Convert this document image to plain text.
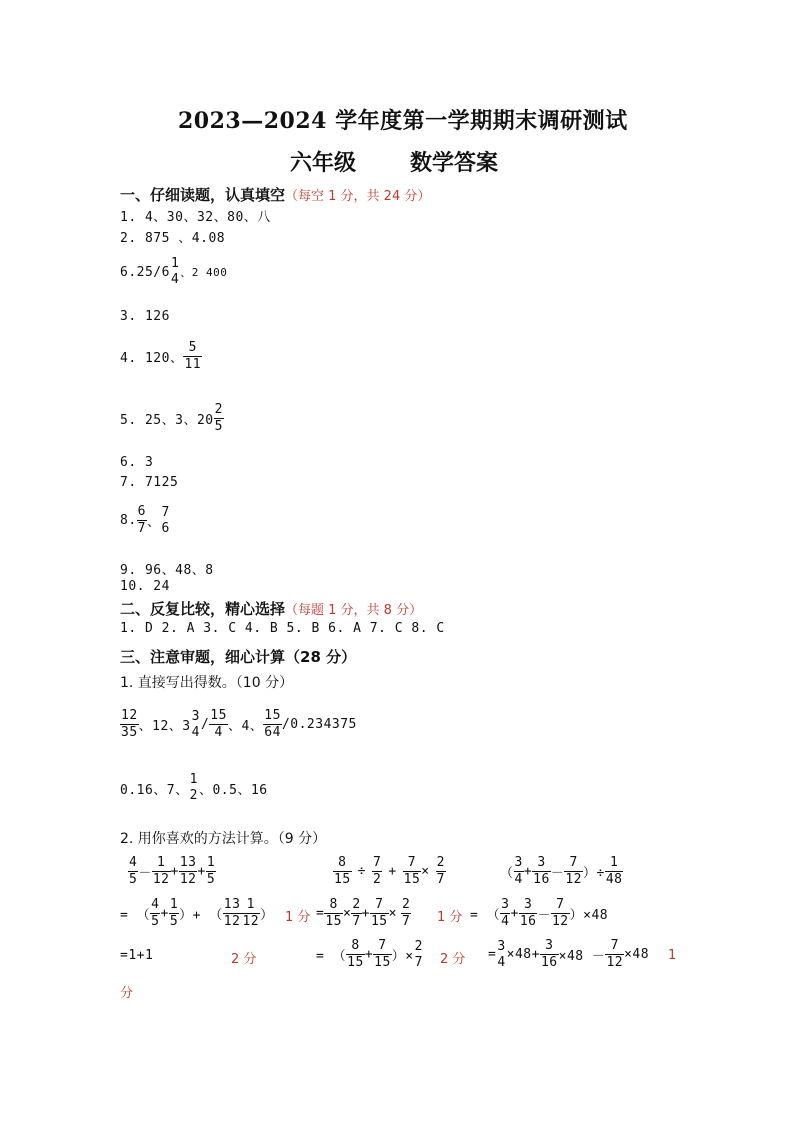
2023—2024 学年度第一学期期末调研测试
六年级 数学答案
一、仔细读题，认真填空（每空 1 分，共 24 分）
1. 4、30、32、80、八
2. 875 、4.08
6.25/6
1
4 、2 400
3. 126
4. 120、 $\frac{5}{11}$
5. 25、3、$20 \frac{2}{5}$
6. 3
7. 7125
8. $\frac{6}{7}$ 、
7
6
9. 96、48、8
10. 24
二、反复比较，精心选择（每题 1 分，共 8 分）
1. D 2. A 3. C 4. B 5. B 6. A 7. C 8. C
三、注意审题，细心计算（28 分）
1. 直接写出得数。（10 分）
$\frac{12}{35}$ 、12、3
3
$4 / \frac{15}{4}$ 、4、 $\frac{15}{64} /0.234375$
0.16、7、
1
2 、0.5、16
2. 用你喜欢的方法计算。（9 分）
$\frac{4}{5} - \frac{1}{12} + \frac{13}{12} + \frac{1}{5}$
= （ $\frac{4}{5} + \frac{1}{5}$ ）+ （ $\frac{13}{12} \frac{1}{12}$ ） 1 分
=1+1	2 分
分
$\frac{8}{15} \div \frac{7}{2} + \frac{7}{15} \times \frac{2}{7}$
= $\frac{8}{15} \times \frac{2}{7} + \frac{7}{15} \times \frac{2}{7} 1$ 分
= （ $\frac{8}{15} + \frac{7}{15}$ ）×
2
7 2 分
（ $\frac{3}{4} + \frac{3}{16} - \frac{7}{12}$ ）÷ $\frac{1}{48}$
= （ $\frac{3}{4} + \frac{3}{16} - \frac{7}{12} )\times 48$
=
3
$4 \times 48+ \frac{3}{16} \times 48 - \frac{7}{12} \times 48$ 1
